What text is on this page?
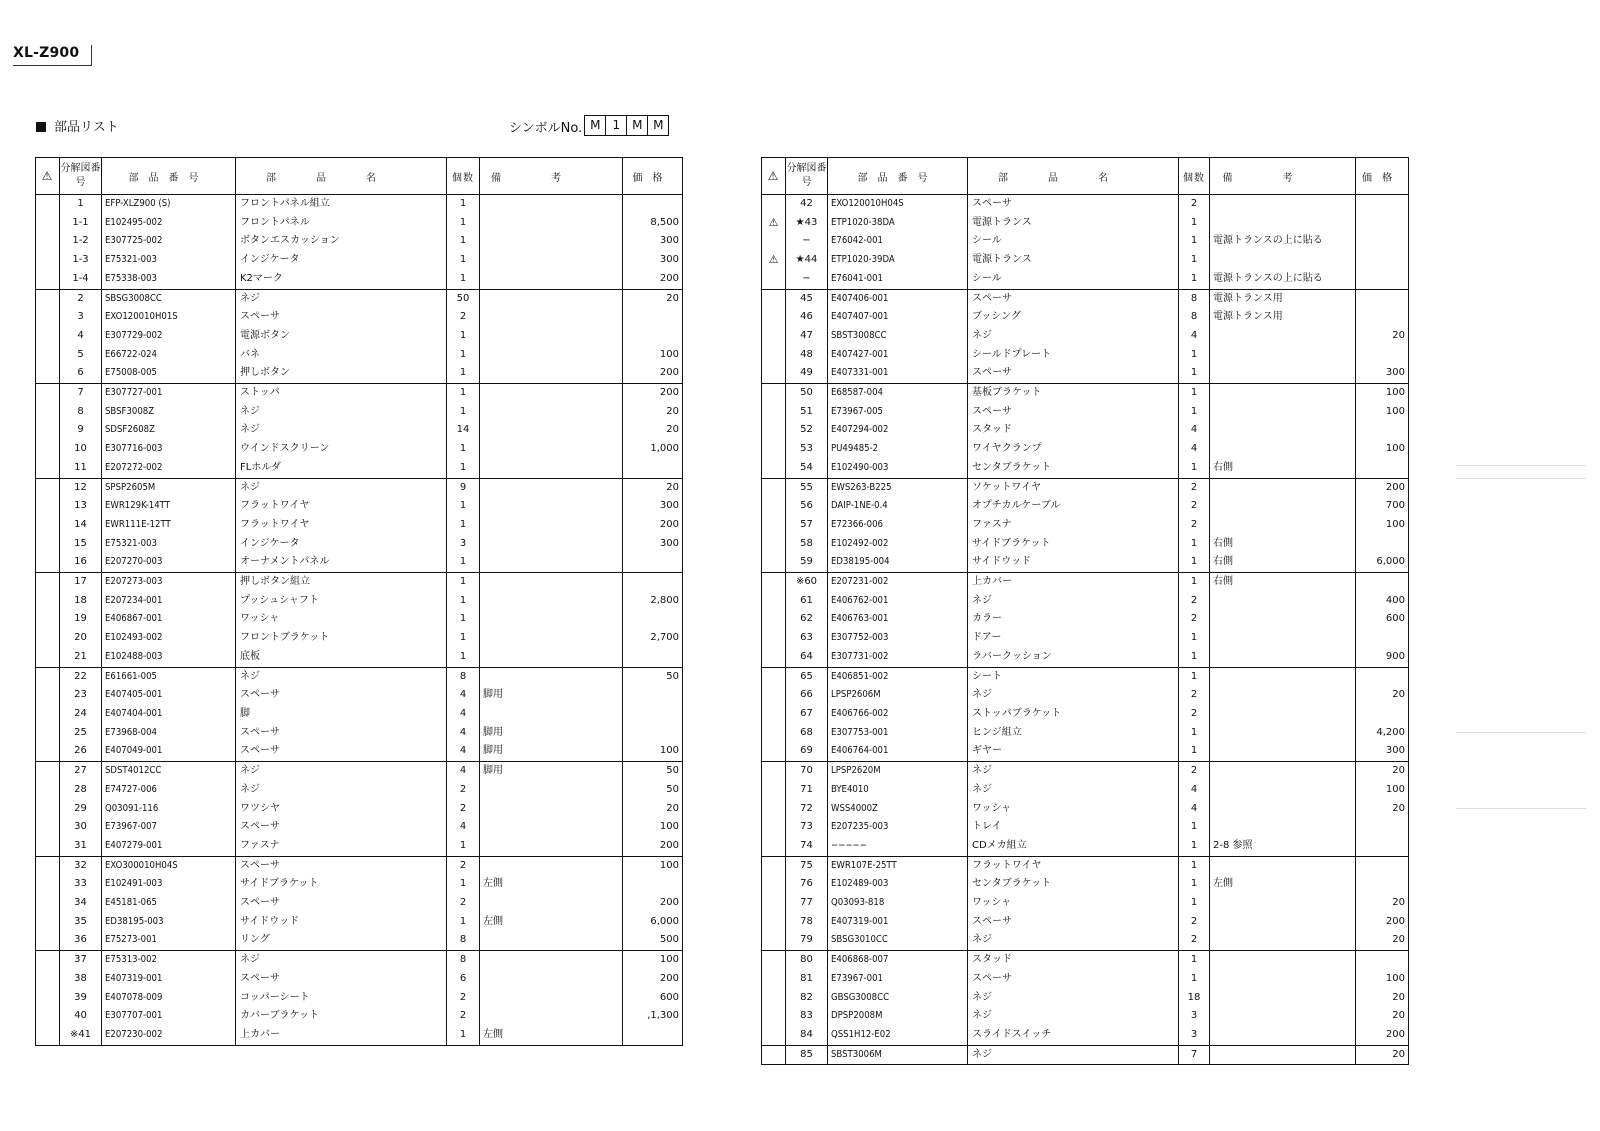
XL-Z900
部品リスト	シンボルNo. M	1	M M
⚠	分解図番号	部品番号	部品名	個数	備考	価格
	1	EFP-XLZ900 (S)	フロントパネル組立	1		
	1-1	E102495-002	フロントパネル	1		8,500
	1-2	E307725-002	ボタンエスカッション	1		300
	1-3	E75321-003	インジケータ	1		300
	1-4	E75338-003	K2マーク	1		200
	2	SBSG3008CC	ネジ	50		20
	3	EXO120010H01S	スペーサ	2		
	4	E307729-002	電源ボタン	1		
	5	E66722-024	バネ	1		100
	6	E75008-005	押しボタン	1		200
	7	E307727-001	ストッパ	1		200
	8	SBSF3008Z	ネジ	1		20
	9	SDSF2608Z	ネジ	14		20
	10	E307716-003	ウインドスクリーン	1		1,000
	11	E207272-002	FLホルダ	1		
	12	SPSP2605M	ネジ	9		20
	13	EWR129K-14TT	フラットワイヤ	1		300
	14	EWR111E-12TT	フラットワイヤ	1		200
	15	E75321-003	インジケータ	3		300
	16	E207270-003	オーナメントパネル	1		
	17	E207273-003	押しボタン組立	1		
	18	E207234-001	プッシュシャフト	1		2,800
	19	E406867-001	ワッシャ	1		
	20	E102493-002	フロントブラケット	1		2,700
	21	E102488-003	底板	1		
	22	E61661-005	ネジ	8		50
	23	E407405-001	スペーサ	4	脚用	
	24	E407404-001	脚	4		
	25	E73968-004	スペーサ	4	脚用	
	26	E407049-001	スペーサ	4	脚用	100
	27	SDST4012CC	ネジ	4	脚用	50
	28	E74727-006	ネジ	2		50
	29	Q03091-116	ワツシヤ	2		20
	30	E73967-007	スペーサ	4		100
	31	E407279-001	ファスナ	1		200
	32	EXO300010H04S	スペーサ	2		100
	33	E102491-003	サイドブラケット	1	左側	
	34	E45181-065	スペーサ	2		200
	35	ED38195-003	サイドウッド	1	左側	6,000
	36	E75273-001	リング	8		500
	37	E75313-002	ネジ	8		100
	38	E407319-001	スペーサ	6		200
	39	E407078-009	コッパーシート	2		600
	40	E307707-001	カバーブラケット	2		,1,300
	※41	E207230-002	上カバー	1	左側	
⚠	分解図番号	部品番号	部品名	個数	備考	価格
	42	EXO120010H04S	スペーサ	2		
⚠	★43	ETP1020-38DA	電源トランス	1		
	−	E76042-001	シール	1	電源トランスの上に貼る	
⚠	★44	ETP1020-39DA	電源トランス	1		
	−	E76041-001	シール	1	電源トランスの上に貼る	
	45	E407406-001	スペーサ	8	電源トランス用	
	46	E407407-001	ブッシング	8	電源トランス用	
	47	SBST3008CC	ネジ	4		20
	48	E407427-001	シールドプレート	1		
	49	E407331-001	スペーサ	1		300
	50	E68587-004	基板ブラケット	1		100
	51	E73967-005	スペーサ	1		100
	52	E407294-002	スタッド	4		
	53	PU49485-2	ワイヤクランプ	4		100
	54	E102490-003	センタブラケット	1	右側	
	55	EWS263-B225	ソケットワイヤ	2		200
	56	DAIP-1NE-0.4	オプチカルケーブル	2		700
	57	E72366-006	ファスナ	2		100
	58	E102492-002	サイドブラケット	1	右側	
	59	ED38195-004	サイドウッド	1	右側	6,000
	※60	E207231-002	上カバー	1	右側	
	61	E406762-001	ネジ	2		400
	62	E406763-001	カラー	2		600
	63	E307752-003	ドアー	1		
	64	E307731-002	ラバークッション	1		900
	65	E406851-002	シート	1		
	66	LPSP2606M	ネジ	2		20
	67	E406766-002	ストッパブラケット	2		
	68	E307753-001	ヒンジ組立	1		4,200
	69	E406764-001	ギヤー	1		300
	70	LPSP2620M	ネジ	2		20
	71	BYE4010	ネジ	4		100
	72	WSS4000Z	ワッシャ	4		20
	73	E207235-003	トレイ	1		
	74	−−−−−	CDメカ組立	1	2-8 参照	
	75	EWR107E-25TT	フラットワイヤ	1		
	76	E102489-003	センタブラケット	1	左側	
	77	Q03093-818	ワッシャ	1		20
	78	E407319-001	スペーサ	2		200
	79	SBSG3010CC	ネジ	2		20
	80	E406868-007	スタッド	1		
	81	E73967-001	スペーサ	1		100
	82	GBSG3008CC	ネジ	18		20
	83	DPSP2008M	ネジ	3		20
	84	QSS1H12-E02	スライドスイッチ	3		200
	85	SBST3006M	ネジ	7		20
